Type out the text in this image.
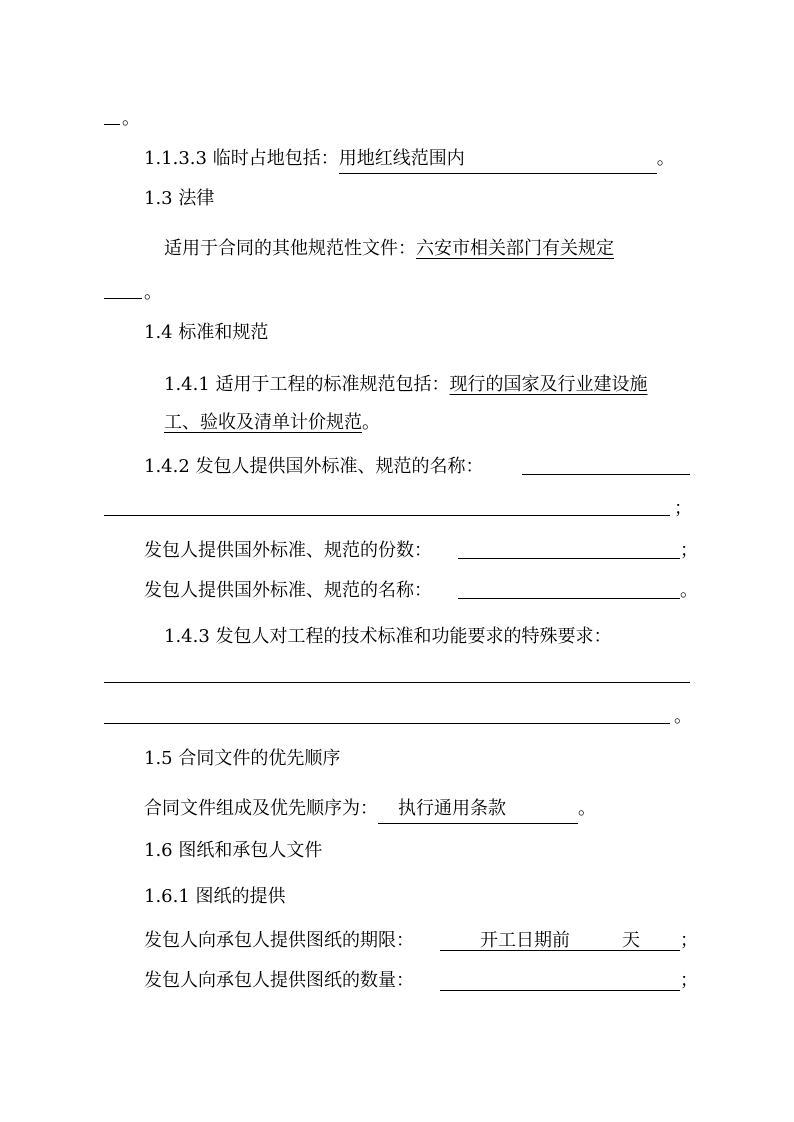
。
1.1.3.3 临时占地包括：用地红线范围内	。
1.3 法律
适用于合同的其他规范性文件：六安市相关部门有关规定
。
1.4 标准和规范
1.4.1 适用于工程的标准规范包括：现行的国家及行业建设施
工、验收及清单计价规范。
1.4.2 发包人提供国外标准、规范的名称：
；
发包人提供国外标准、规范的份数：	；
发包人提供国外标准、规范的名称：	。
1.4.3 发包人对工程的技术标准和功能要求的特殊要求：
。
1.5 合同文件的优先顺序
合同文件组成及优先顺序为： 执行通用条款	。
1.6 图纸和承包人文件
1.6.1 图纸的提供
发包人向承包人提供图纸的期限：	开工日期前	天 ；
发包人向承包人提供图纸的数量：	；
